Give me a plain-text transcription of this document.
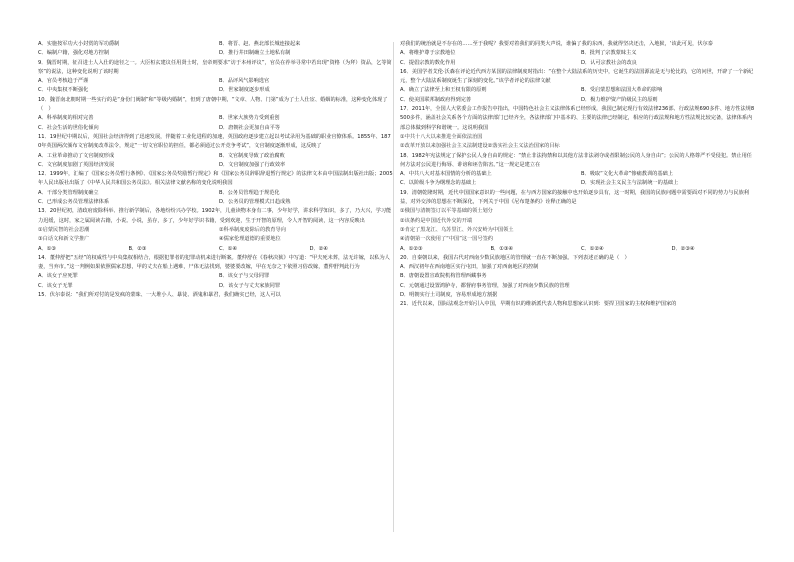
A．实施按军功大小封赏的军功爵制	B．将晋、赵、燕北部长城连接起来
C．编制户籍，强化对地方控制	D．推行井田制确立土地私有制

9．魏晋时期，征召进士人入仕的途径之一。大臣桓玄建议任用贤士时，皇帝则要求“访于本州评议”，官员在荐举寻常中若出现“资格（为拜）资品，乞等简察”的说法，这种变化说明了该时期

A．官员考核趋于严谨	B．品评风气影响选官
C．中央集权不断强化	D．世家制度逐步形成

10．魏晋南北朝时期一些实行的是“身份门阀制”和“等级内婚制”，但到了唐朝中期，“文章、人物、门第”成为了士人仕宦、婚姻的标准，这种变化体现了（　）

A．科举制度的相对完善	B．世家大族势力受到重创
C．社会生活的世俗化倾向	D．唐朝社会更加自由平等

11．19世纪中期以后，英国社会经济得到了迅速发展，伴随着工业化进程的加速，英国政府逐步建立起以考试录用为基础的职业官僚体系。1855年、1870年英国两次颁布文官制度改革法令，规定“一切文官职位的担任，都必须通过公开竞争考试”，文官制度逐渐形成，这反映了

A．工业革命推动了文官制度形成	B．文官制度导致了政治腐败
C．文官制度加剧了英国经济发展	D．文官制度加强了行政效率

12．1999年，汇编了《国家公务员暂行条例》、《国家公务员奖励暂行规定》和《国家公务员辞职辞退暂行规定》的法律文本由中国法制出版社出版；2005年人民出版社出版了《中华人民共和国公务员法》。相关法律文献名称的变化说明我国

A．干部分类管理制度确立	B．公务员管理趋于规范化
C．已形成公务员管理法律体系	D．公务员的管理模式日趋成熟

13．20世纪初，清政府废除科举、推行新学制后，各地纷纷兴办学校。1902年，儿童读物本身有二事，少年好学，讲求科学知识，多了，乃大兴，学习能力迟缓，这时，家之属阅读古籍，小说。小说，虽存，多了，少年好学识书籍，受到欢迎，生于开智的原理，令人开智的阅读，这一内容反映出

①启蒙民智的社会思潮	②科举制度废除后的教育导向
③白话文和新文学推广	④儒家伦理道德的重要地位
A．①③	B．②③	C．①④	D．②④

14．董仲舒把“五经”的权威性与中央集权相结合，根据犯罪者的犯罪动机来进行断案。董仲舒在《春秋决狱》中写道：“甲夫死未葬，法无许嫁，以私为人妻，当弃市。”这一判例如果依照儒家思想，甲的丈夫在船上遇难，尸体无法找到，婆婆要改嫁，甲在无奈之下依照习俗改嫁，董仲舒判此行为

A．该女子应死罪	B．该女子与父母同罪
C．该女子无罪	D．该女子与丈夫家族同罪

15．伏尔泰说：“我们所对付的是发疯的蒙昧、一大堆小人、暴徒、酒鬼和暴君，我们确实已经，这人可以

对我们的统治就是不存在的……至于我呢？我要对着我们的同类大声说，谁偏了我的东西，我就得坚决还击，入地狱，‘该此可见，伏尔泰

A．将维护尊于宗教地位	B．批判了宗教蒙昧主义
C．提倡宗教的数化作用	D．认可宗教社会的改良

16．美国学者艾伦·沃森在评论近代西方某国的法律制度时指出：“在整个大陆法系的历史中，它诞生的法国源流是无与伦比的，它的问世，开辟了一个新纪元，整个大陆法系制度诞生了深刻的变化。”该学者评论的法律文献

A．确立了法律至上和王权有限的原则	B．受启蒙思想和法国大革命的影响
C．使美国联邦制政府得到完善	D．极力维护资产阶级民主的原则

17．2011年，全国人大常委会工作报告中指出，中国特色社会主义法律体系已经形成，我国已制定现行有效法律236部、行政法规690多件、地方性法规8500多件，涵盖社会关系各个方面的法律部门已经齐全，各法律部门中基本的、主要的法律已经制定，相应的行政法规和地方性法规比较完备，法律体系内部总体做到科学和谐统一。这说明我国

①中共十八大以来推进全面依法治国
②改革开放以来加强社会主义法制建设②落实社会主义法治国家的目标

18．1982年宪法规定了保护公民人身自由的规定：“禁止非法拘禁和以其他方法非法剥夺或者限制公民的人身自由”；公民的人格尊严不受侵犯。禁止用任何方法对公民进行侮辱、诽谤和诬告陷害。”这一规定是建立在

A．中共八大对基本国情的分析的基础上	B．吸取“文化大革命”惨痛教训的基础上
C．以阶级斗争为纲理念的基础上	D．实现社会主义民主与法制统一的基础上

19．清朝乾隆时期，近代中国国家意识的一些问题，在与西方国家的接触中也开始逐步具有，这一时期，我国的民族问题中需要面对不同的势力与民族利益，对外交涉的思想在不断深化，下列关于中国《尼布楚条约》诠释正确的是

①俄国与清朝签订以平等基础的领土划分
②该条约是中国近代外交的开端
③肯定了黑龙江、乌苏里江、外兴安岭为中国领土
④清朝第一次使用了“中国”这一国号签约
A．①②③	B．①③④	C．①②④	D．②③④

20．自秦朝以来，我国古代对西南少数民族地区的管理就一直在不断加强。下列表述正确的是（　）

A．西汉初年在西南地区实行屯田，加强了对西南地区的控制
B．唐朝设置宣政院机构管理西藏事务
C．元朝通过设置鸿胪寺，都督府事务管理，加强了对西南少数民族的管理
D．明朝实行土司制度，容易形成地方割据

21．近代以来，国际法观念开始引入中国，早期有识的维新派代表人物和思想家认识到：要捍卫国家的主权和维护国家的
